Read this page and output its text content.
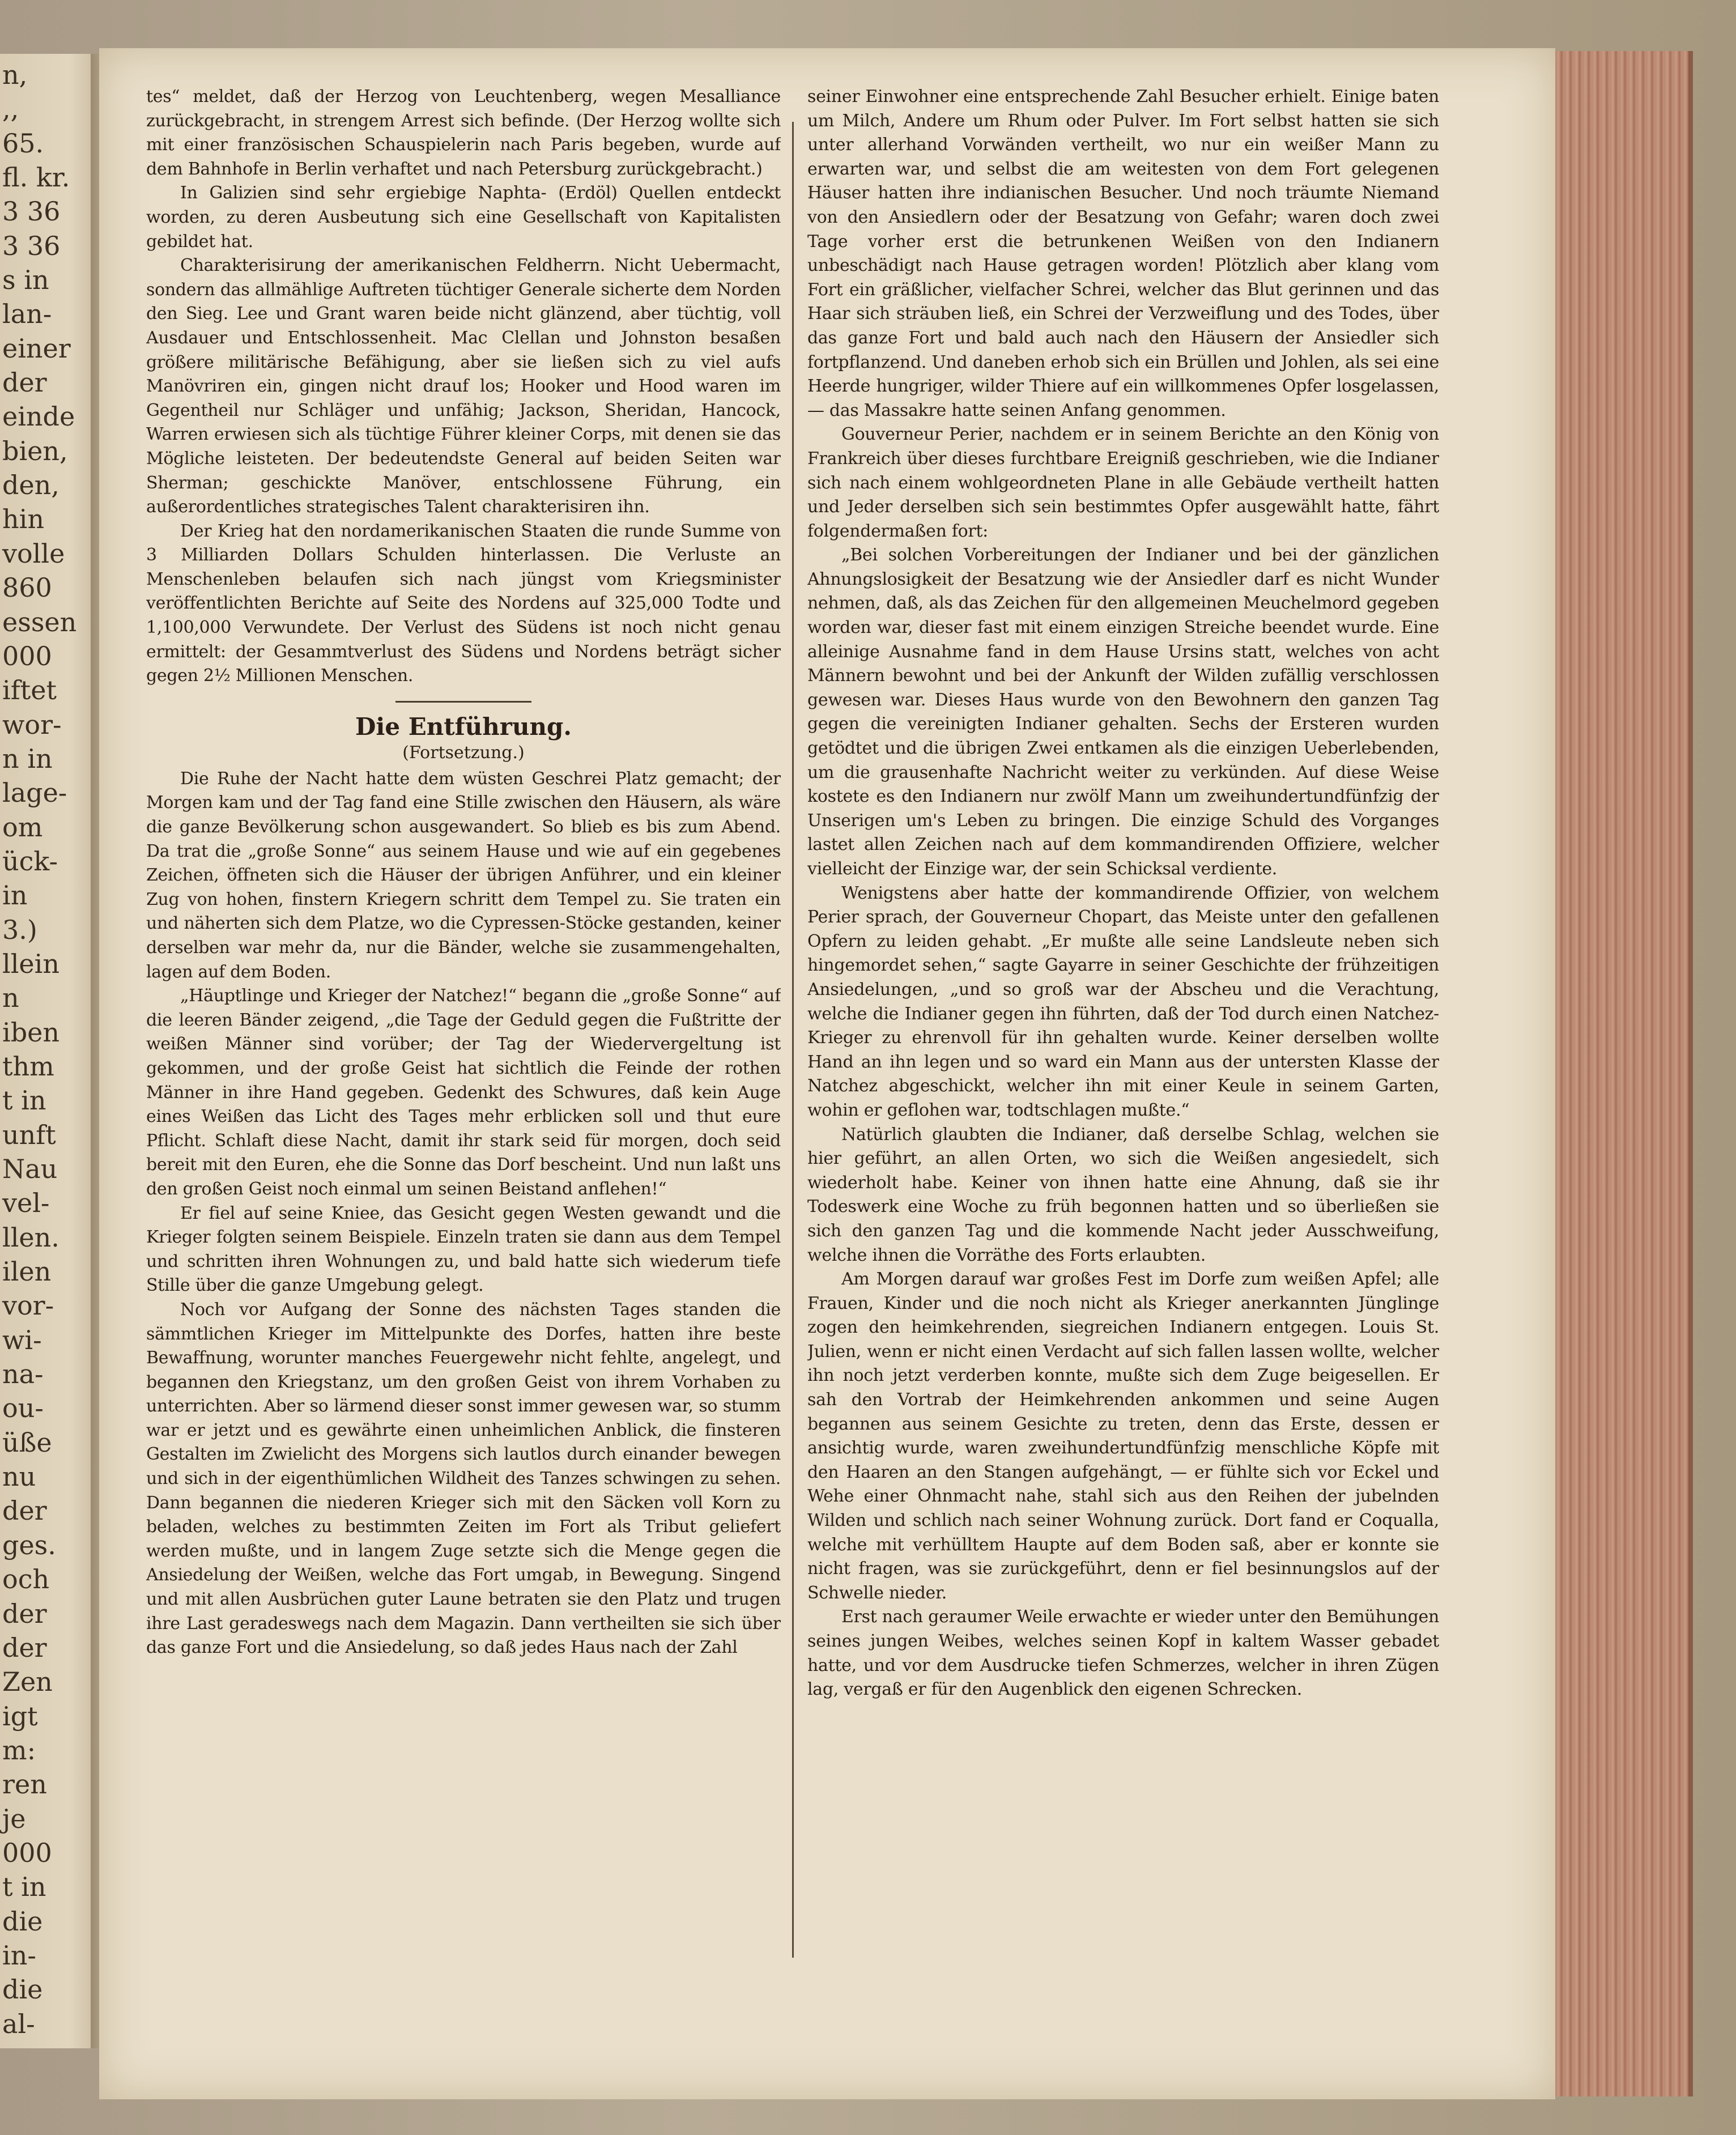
n,
,,
65.
fl. kr.
3 36
3 36
s in
lan-
einer
der
einde
bien,
den,
hin
volle
860
essen
000
iftet
wor-
n in
lage-
om
ück-
in
3.)
llein
n
iben
thm
t in
unft
Nau
vel-
llen.
ilen
vor-
wi-
na-
ou-
üße
nu
der
ges.
och
der
der
Zen
igt
m:
ren
je
000
t in
die
in-
die
al-

tes“ meldet, daß der Herzog von Leuchtenberg, wegen Mesalliance zurückgebracht, in strengem Arrest sich befinde. (Der Herzog wollte sich mit einer französischen Schauspielerin nach Paris begeben, wurde auf dem Bahnhofe in Berlin verhaftet und nach Petersburg zurückgebracht.)

In Galizien sind sehr ergiebige Naphta- (Erdöl) Quellen entdeckt worden, zu deren Ausbeutung sich eine Gesellschaft von Kapitalisten gebildet hat.

Charakterisirung der amerikanischen Feldherrn. Nicht Uebermacht, sondern das allmählige Auftreten tüchtiger Generale sicherte dem Norden den Sieg. Lee und Grant waren beide nicht glänzend, aber tüchtig, voll Ausdauer und Entschlossenheit. Mac Clellan und Johnston besaßen größere militärische Befähigung, aber sie ließen sich zu viel aufs Manövriren ein, gingen nicht drauf los; Hooker und Hood waren im Gegentheil nur Schläger und unfähig; Jackson, Sheridan, Hancock, Warren erwiesen sich als tüchtige Führer kleiner Corps, mit denen sie das Mögliche leisteten. Der bedeutendste General auf beiden Seiten war Sherman; geschickte Manöver, entschlossene Führung, ein außerordentliches strategisches Talent charakterisiren ihn.

Der Krieg hat den nordamerikanischen Staaten die runde Summe von 3 Milliarden Dollars Schulden hinterlassen. Die Verluste an Menschenleben belaufen sich nach jüngst vom Kriegsminister veröffentlichten Berichte auf Seite des Nordens auf 325,000 Todte und 1,100,000 Verwundete. Der Verlust des Südens ist noch nicht genau ermittelt: der Gesammtverlust des Südens und Nordens beträgt sicher gegen 2½ Millionen Menschen.

Die Entführung.

(Fortsetzung.)

Die Ruhe der Nacht hatte dem wüsten Geschrei Platz gemacht; der Morgen kam und der Tag fand eine Stille zwischen den Häusern, als wäre die ganze Bevölkerung schon ausgewandert. So blieb es bis zum Abend. Da trat die „große Sonne“ aus seinem Hause und wie auf ein gegebenes Zeichen, öffneten sich die Häuser der übrigen Anführer, und ein kleiner Zug von hohen, finstern Kriegern schritt dem Tempel zu. Sie traten ein und näherten sich dem Platze, wo die Cypressen-Stöcke gestanden, keiner derselben war mehr da, nur die Bänder, welche sie zusammengehalten, lagen auf dem Boden.

„Häuptlinge und Krieger der Natchez!“ begann die „große Sonne“ auf die leeren Bänder zeigend, „die Tage der Geduld gegen die Fußtritte der weißen Männer sind vorüber; der Tag der Wiedervergeltung ist gekommen, und der große Geist hat sichtlich die Feinde der rothen Männer in ihre Hand gegeben. Gedenkt des Schwures, daß kein Auge eines Weißen das Licht des Tages mehr erblicken soll und thut eure Pflicht. Schlaft diese Nacht, damit ihr stark seid für morgen, doch seid bereit mit den Euren, ehe die Sonne das Dorf bescheint. Und nun laßt uns den großen Geist noch einmal um seinen Beistand anflehen!“

Er fiel auf seine Kniee, das Gesicht gegen Westen gewandt und die Krieger folgten seinem Beispiele. Einzeln traten sie dann aus dem Tempel und schritten ihren Wohnungen zu, und bald hatte sich wiederum tiefe Stille über die ganze Umgebung gelegt.

Noch vor Aufgang der Sonne des nächsten Tages standen die sämmtlichen Krieger im Mittelpunkte des Dorfes, hatten ihre beste Bewaffnung, worunter manches Feuergewehr nicht fehlte, angelegt, und begannen den Kriegstanz, um den großen Geist von ihrem Vorhaben zu unterrichten. Aber so lärmend dieser sonst immer gewesen war, so stumm war er jetzt und es gewährte einen unheimlichen Anblick, die finsteren Gestalten im Zwielicht des Morgens sich lautlos durch einander bewegen und sich in der eigenthümlichen Wildheit des Tanzes schwingen zu sehen. Dann begannen die niederen Krieger sich mit den Säcken voll Korn zu beladen, welches zu bestimmten Zeiten im Fort als Tribut geliefert werden mußte, und in langem Zuge setzte sich die Menge gegen die Ansiedelung der Weißen, welche das Fort umgab, in Bewegung. Singend und mit allen Ausbrüchen guter Laune betraten sie den Platz und trugen ihre Last geradeswegs nach dem Magazin. Dann vertheilten sie sich über das ganze Fort und die Ansiedelung, so daß jedes Haus nach der Zahl

seiner Einwohner eine entsprechende Zahl Besucher erhielt. Einige baten um Milch, Andere um Rhum oder Pulver. Im Fort selbst hatten sie sich unter allerhand Vorwänden vertheilt, wo nur ein weißer Mann zu erwarten war, und selbst die am weitesten von dem Fort gelegenen Häuser hatten ihre indianischen Besucher. Und noch träumte Niemand von den Ansiedlern oder der Besatzung von Gefahr; waren doch zwei Tage vorher erst die betrunkenen Weißen von den Indianern unbeschädigt nach Hause getragen worden! Plötzlich aber klang vom Fort ein gräßlicher, vielfacher Schrei, welcher das Blut gerinnen und das Haar sich sträuben ließ, ein Schrei der Verzweiflung und des Todes, über das ganze Fort und bald auch nach den Häusern der Ansiedler sich fortpflanzend. Und daneben erhob sich ein Brüllen und Johlen, als sei eine Heerde hungriger, wilder Thiere auf ein willkommenes Opfer losgelassen, — das Massakre hatte seinen Anfang genommen.

Gouverneur Perier, nachdem er in seinem Berichte an den König von Frankreich über dieses furchtbare Ereigniß geschrieben, wie die Indianer sich nach einem wohlgeordneten Plane in alle Gebäude vertheilt hatten und Jeder derselben sich sein bestimmtes Opfer ausgewählt hatte, fährt folgendermaßen fort:

„Bei solchen Vorbereitungen der Indianer und bei der gänzlichen Ahnungslosigkeit der Besatzung wie der Ansiedler darf es nicht Wunder nehmen, daß, als das Zeichen für den allgemeinen Meuchelmord gegeben worden war, dieser fast mit einem einzigen Streiche beendet wurde. Eine alleinige Ausnahme fand in dem Hause Ursins statt, welches von acht Männern bewohnt und bei der Ankunft der Wilden zufällig verschlossen gewesen war. Dieses Haus wurde von den Bewohnern den ganzen Tag gegen die vereinigten Indianer gehalten. Sechs der Ersteren wurden getödtet und die übrigen Zwei entkamen als die einzigen Ueberlebenden, um die grausenhafte Nachricht weiter zu verkünden. Auf diese Weise kostete es den Indianern nur zwölf Mann um zweihundertundfünfzig der Unserigen um's Leben zu bringen. Die einzige Schuld des Vorganges lastet allen Zeichen nach auf dem kommandirenden Offiziere, welcher vielleicht der Einzige war, der sein Schicksal verdiente.

Wenigstens aber hatte der kommandirende Offizier, von welchem Perier sprach, der Gouverneur Chopart, das Meiste unter den gefallenen Opfern zu leiden gehabt. „Er mußte alle seine Landsleute neben sich hingemordet sehen,“ sagte Gayarre in seiner Geschichte der frühzeitigen Ansiedelungen, „und so groß war der Abscheu und die Verachtung, welche die Indianer gegen ihn führten, daß der Tod durch einen Natchez-Krieger zu ehrenvoll für ihn gehalten wurde. Keiner derselben wollte Hand an ihn legen und so ward ein Mann aus der untersten Klasse der Natchez abgeschickt, welcher ihn mit einer Keule in seinem Garten, wohin er geflohen war, todtschlagen mußte.“

Natürlich glaubten die Indianer, daß derselbe Schlag, welchen sie hier geführt, an allen Orten, wo sich die Weißen angesiedelt, sich wiederholt habe. Keiner von ihnen hatte eine Ahnung, daß sie ihr Todeswerk eine Woche zu früh begonnen hatten und so überließen sie sich den ganzen Tag und die kommende Nacht jeder Ausschweifung, welche ihnen die Vorräthe des Forts erlaubten.

Am Morgen darauf war großes Fest im Dorfe zum weißen Apfel; alle Frauen, Kinder und die noch nicht als Krieger anerkannten Jünglinge zogen den heimkehrenden, siegreichen Indianern entgegen. Louis St. Julien, wenn er nicht einen Verdacht auf sich fallen lassen wollte, welcher ihn noch jetzt verderben konnte, mußte sich dem Zuge beigesellen. Er sah den Vortrab der Heimkehrenden ankommen und seine Augen begannen aus seinem Gesichte zu treten, denn das Erste, dessen er ansichtig wurde, waren zweihundertundfünfzig menschliche Köpfe mit den Haaren an den Stangen aufgehängt, — er fühlte sich vor Eckel und Wehe einer Ohnmacht nahe, stahl sich aus den Reihen der jubelnden Wilden und schlich nach seiner Wohnung zurück. Dort fand er Coqualla, welche mit verhülltem Haupte auf dem Boden saß, aber er konnte sie nicht fragen, was sie zurückgeführt, denn er fiel besinnungslos auf der Schwelle nieder.

Erst nach geraumer Weile erwachte er wieder unter den Bemühungen seines jungen Weibes, welches seinen Kopf in kaltem Wasser gebadet hatte, und vor dem Ausdrucke tiefen Schmerzes, welcher in ihren Zügen lag, vergaß er für den Augenblick den eigenen Schrecken.
